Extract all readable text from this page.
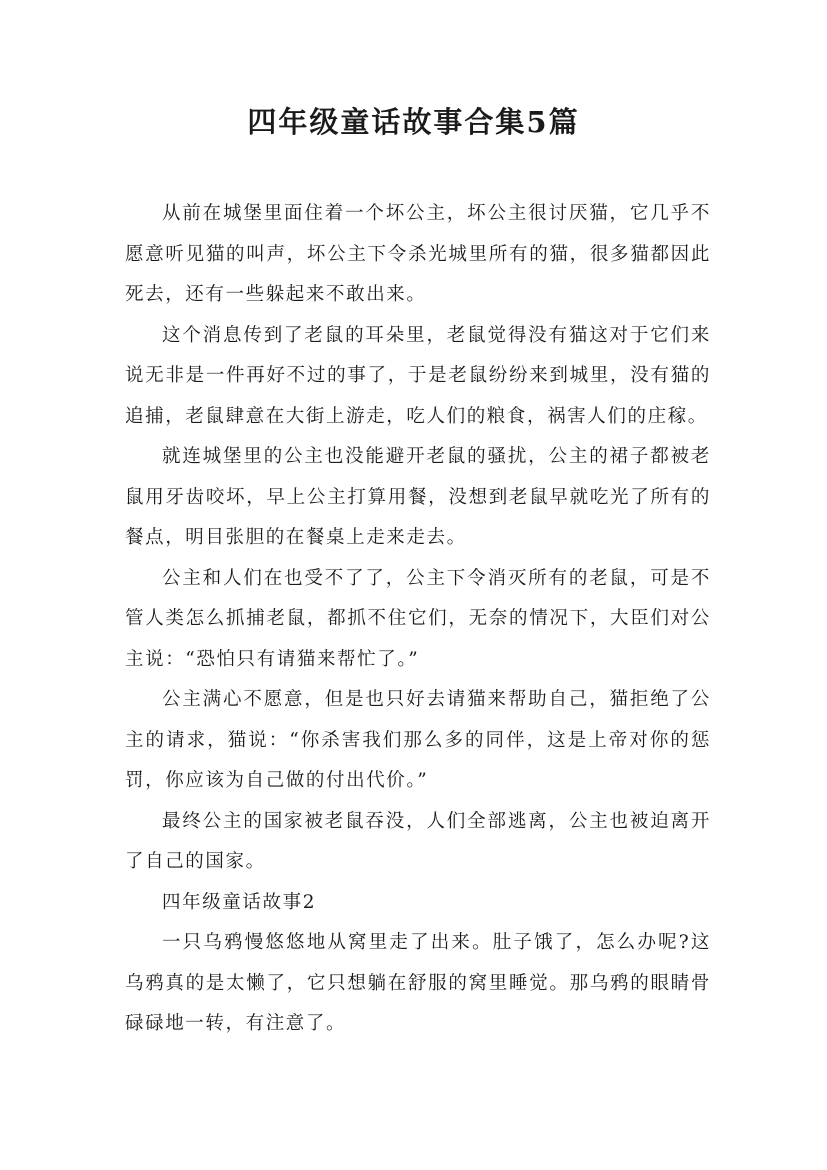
四年级童话故事合集5篇

从前在城堡里面住着一个坏公主，坏公主很讨厌猫，它几乎不愿意听见猫的叫声，坏公主下令杀光城里所有的猫，很多猫都因此死去，还有一些躲起来不敢出来。

这个消息传到了老鼠的耳朵里，老鼠觉得没有猫这对于它们来说无非是一件再好不过的事了，于是老鼠纷纷来到城里，没有猫的追捕，老鼠肆意在大街上游走，吃人们的粮食，祸害人们的庄稼。

就连城堡里的公主也没能避开老鼠的骚扰，公主的裙子都被老鼠用牙齿咬坏，早上公主打算用餐，没想到老鼠早就吃光了所有的餐点，明目张胆的在餐桌上走来走去。

公主和人们在也受不了了，公主下令消灭所有的老鼠，可是不管人类怎么抓捕老鼠，都抓不住它们，无奈的情况下，大臣们对公主说：“恐怕只有请猫来帮忙了。”

公主满心不愿意，但是也只好去请猫来帮助自己，猫拒绝了公主的请求，猫说：“你杀害我们那么多的同伴，这是上帝对你的惩罚，你应该为自己做的付出代价。”

最终公主的国家被老鼠吞没，人们全部逃离，公主也被迫离开了自己的国家。

四年级童话故事2

一只乌鸦慢悠悠地从窝里走了出来。肚子饿了，怎么办呢?这乌鸦真的是太懒了，它只想躺在舒服的窝里睡觉。那乌鸦的眼睛骨碌碌地一转，有注意了。
